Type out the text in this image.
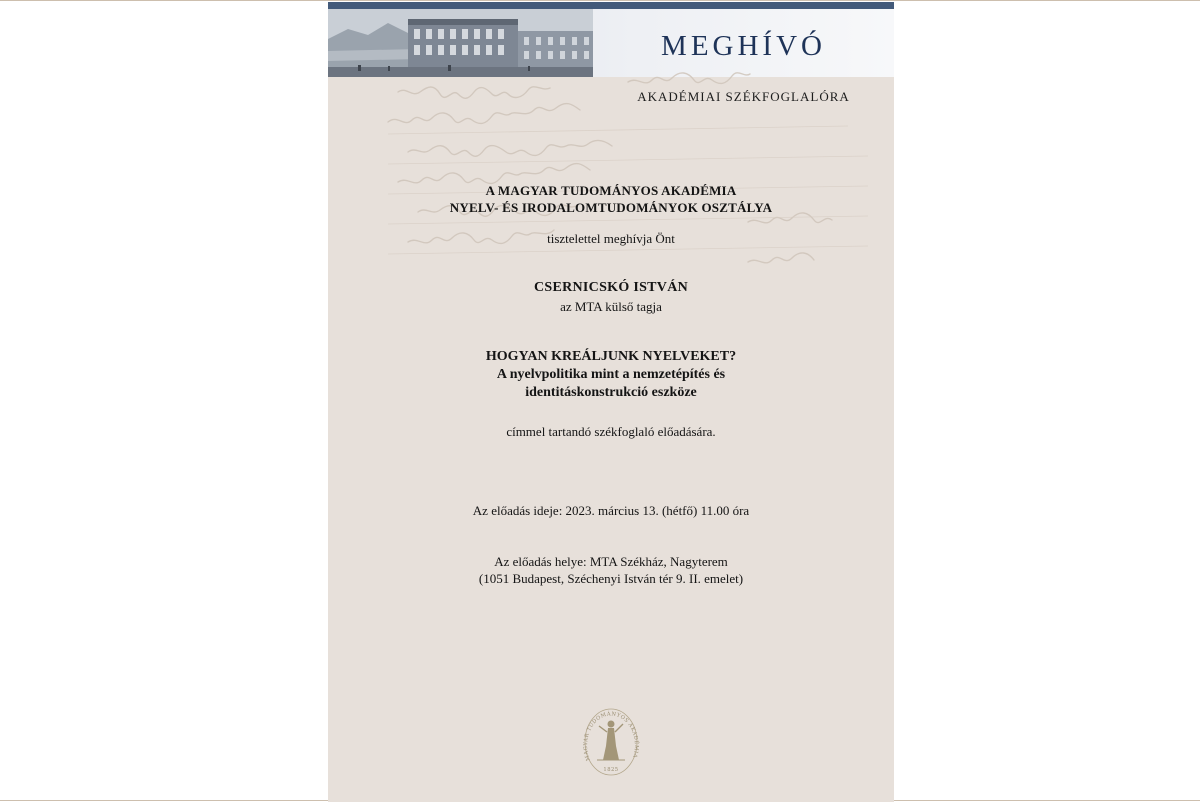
MEGHÍVÓ
AKADÉMIAI SZÉKFOGLALÓRA
A MAGYAR TUDOMÁNYOS AKADÉMIA
NYELV- ÉS IRODALOMTUDOMÁNYOK OSZTÁLYA
tisztelettel meghívja Önt
CSERNICSKÓ ISTVÁN
az MTA külső tagja
HOGYAN KREÁLJUNK NYELVEKET?
A nyelvpolitika mint a nemzetépítés és
identitáskonstrukció eszköze
címmel tartandó székfoglaló előadására.
Az előadás ideje: 2023. március 13. (hétfő) 11.00 óra
Az előadás helye: MTA Székház, Nagyterem
(1051 Budapest, Széchenyi István tér 9. II. emelet)
MAGYAR TUDOMÁNYOS AKADÉMIA
1825
